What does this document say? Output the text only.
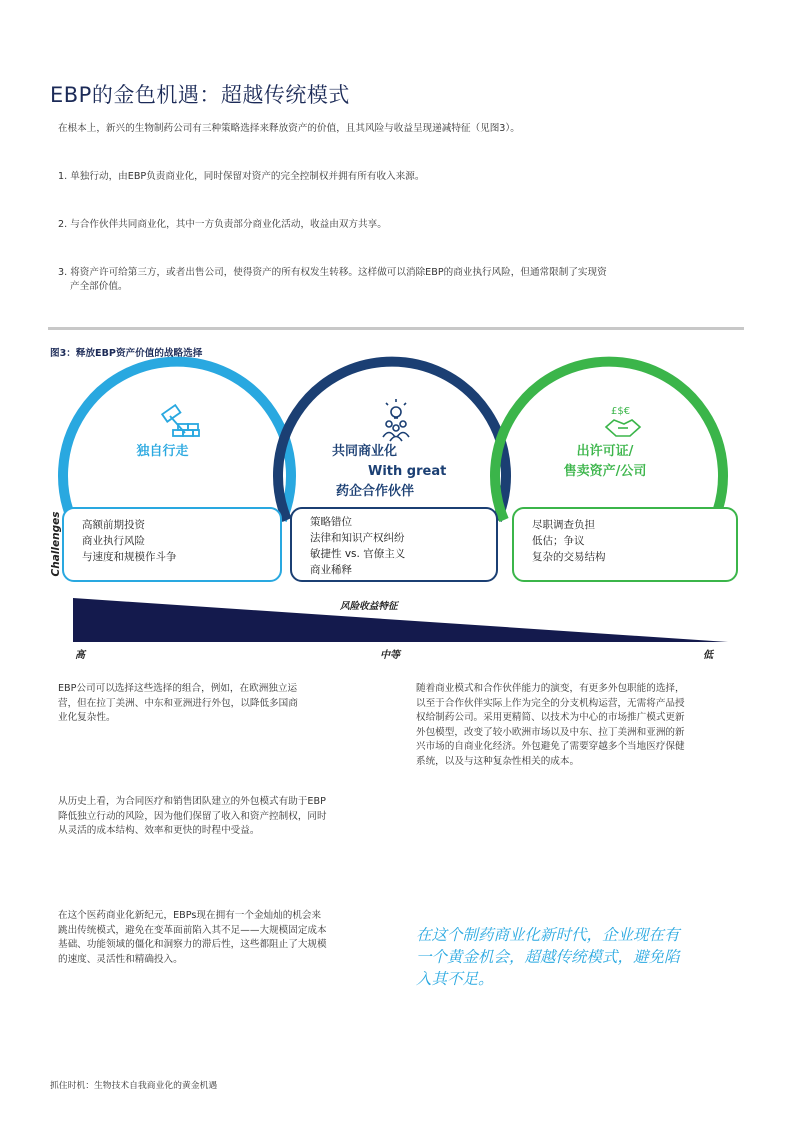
EBP的金色机遇：超越传统模式
在根本上，新兴的生物制药公司有三种策略选择来释放资产的价值，且其风险与收益呈现递减特征（见图3）。
1. 单独行动，由EBP负责商业化，同时保留对资产的完全控制权并拥有所有收入来源。
2. 与合作伙伴共同商业化，其中一方负责部分商业化活动，收益由双方共享。
3. 将资产许可给第三方，或者出售公司，使得资产的所有权发生转移。这样做可以消除EBP的商业执行风险，但通常限制了实现资
产全部价值。
图3：释放EBP资产价值的战略选择
£$€
独自行走	共同商业化
With great
药企合作伙伴
出许可证/
售卖资产/公司
高额前期投资
商业执行风险
与速度和规模作斗争
策略错位
法律和知识产权纠纷
敏捷性 vs. 官僚主义
商业稀释
尽职调查负担
低估；争议
复杂的交易结构
Challenges
风险收益特征
高	中等	低
EBP公司可以选择这些选择的组合，例如，在欧洲独立运
营，但在拉丁美洲、中东和亚洲进行外包，以降低多国商
业化复杂性。
从历史上看，为合同医疗和销售团队建立的外包模式有助于EBP
降低独立行动的风险，因为他们保留了收入和资产控制权，同时
从灵活的成本结构、效率和更快的时程中受益。
在这个医药商业化新纪元，EBPs现在拥有一个金灿灿的机会来
跳出传统模式，避免在变革面前陷入其不足——大规模固定成本
基础、功能领域的僵化和洞察力的滞后性，这些都阻止了大规模
的速度、灵活性和精确投入。
随着商业模式和合作伙伴能力的演变，有更多外包职能的选择，
以至于合作伙伴实际上作为完全的分支机构运营，无需将产品授
权给制药公司。采用更精简、以技术为中心的市场推广模式更新
外包模型，改变了较小欧洲市场以及中东、拉丁美洲和亚洲的新
兴市场的自商业化经济。外包避免了需要穿越多个当地医疗保健
系统，以及与这种复杂性相关的成本。
在这个制药商业化新时代，企业现在有
一个黄金机会，超越传统模式，避免陷
入其不足。
抓住时机：生物技术自我商业化的黄金机遇
